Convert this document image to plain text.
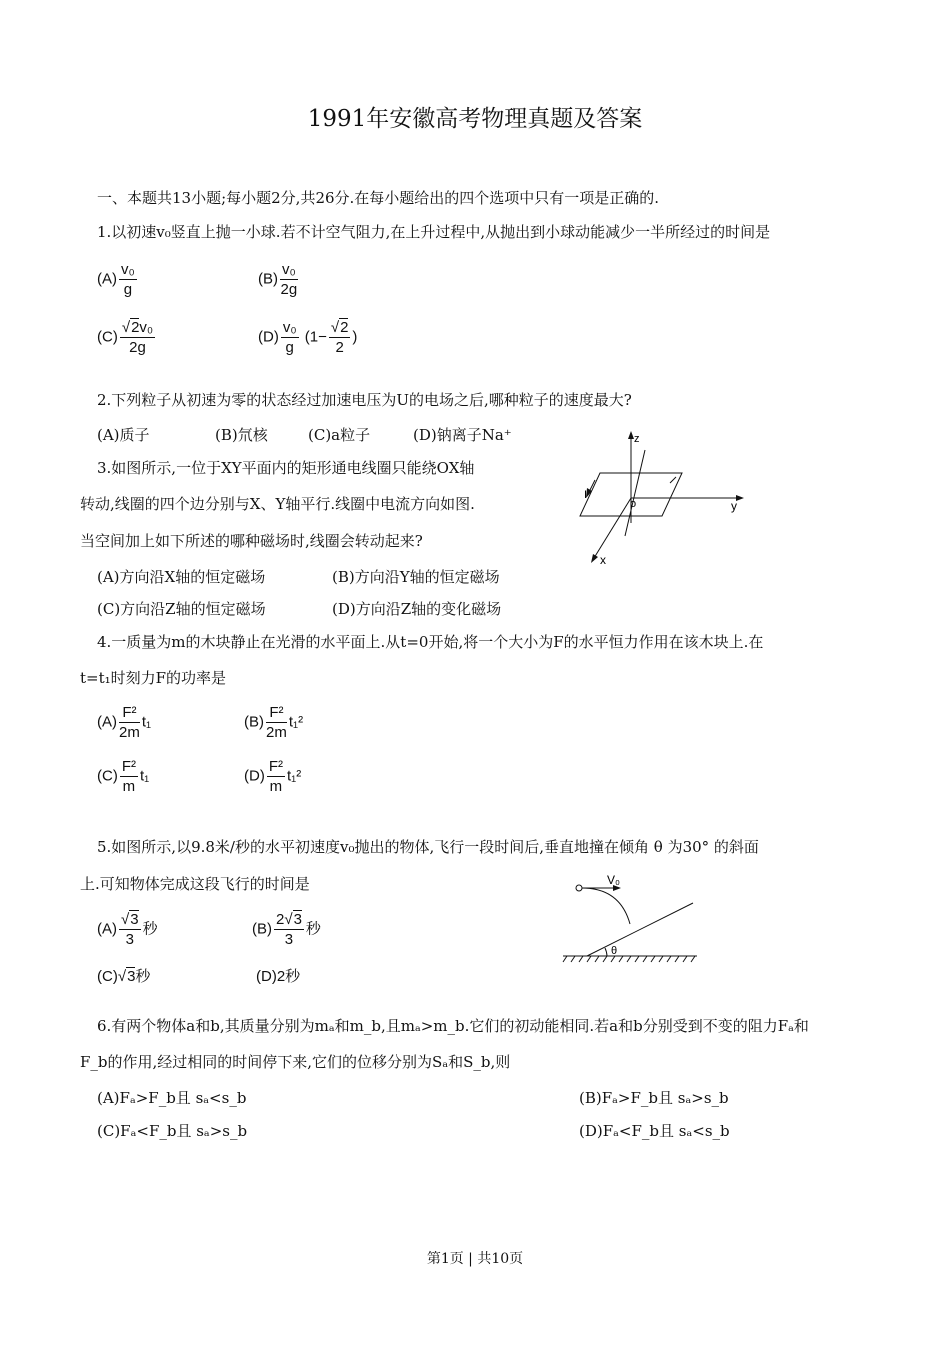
1991年安徽高考物理真题及答案
一、本题共13小题;每小题2分,共26分.在每小题给出的四个选项中只有一项是正确的.
1.以初速v₀竖直上抛一小球.若不计空气阻力,在上升过程中,从抛出到小球动能减少一半所经过的时间是
$(A) \frac{\text{v₀}}{g}$	$(B) \frac{\text{v₀}}{2g}$
$(C) \frac{\text{√2v₀}}{2g}$	$(D) \frac{\text{v₀}}{g} (1- \frac{√2}{2}$ )
2.下列粒子从初速为零的状态经过加速电压为U的电场之后,哪种粒子的速度最大?
(A)质子	(B)氘核	(C)a粒子	(D)钠离子Na⁺
3.如图所示,一位于XY平面内的矩形通电线圈只能绕OX轴
转动,线圈的四个边分别与X、Y轴平行.线圈中电流方向如图.
当空间加上如下所述的哪种磁场时,线圈会转动起来?
(A)方向沿X轴的恒定磁场	(B)方向沿Y轴的恒定磁场
(C)方向沿Z轴的恒定磁场	(D)方向沿Z轴的变化磁场
z
y
x
I
o
4.一质量为m的木块静止在光滑的水平面上.从t=0开始,将一个大小为F的水平恒力作用在该木块上.在
t=t₁时刻力F的功率是
$(A) \frac{\text{F²}}{2m} t_1$	$(B) \frac{\text{F²}}{2m} t_1^2$
$(C) \frac{\text{F²}}{m} t_1$	$(D) \frac{\text{F²}}{m} t_1^2$
5.如图所示,以9.8米/秒的水平初速度v₀抛出的物体,飞行一段时间后,垂直地撞在倾角 θ 为30° 的斜面
上.可知物体完成这段飞行的时间是
$(A) \frac{√3}{3}$ 秒	$(B) \frac{2√3}{3}$ 秒
(C)√3秒	(D)2秒
V₀
θ
6.有两个物体a和b,其质量分别为mₐ和m_b,且mₐ>m_b.它们的初动能相同.若a和b分别受到不变的阻力Fₐ和
F_b的作用,经过相同的时间停下来,它们的位移分别为Sₐ和S_b,则
(A)Fₐ>F_b且 sₐ<s_b	(B)Fₐ>F_b且 sₐ>s_b
(C)Fₐ<F_b且 sₐ>s_b	(D)Fₐ<F_b且 sₐ<s_b
第1页 | 共10页
